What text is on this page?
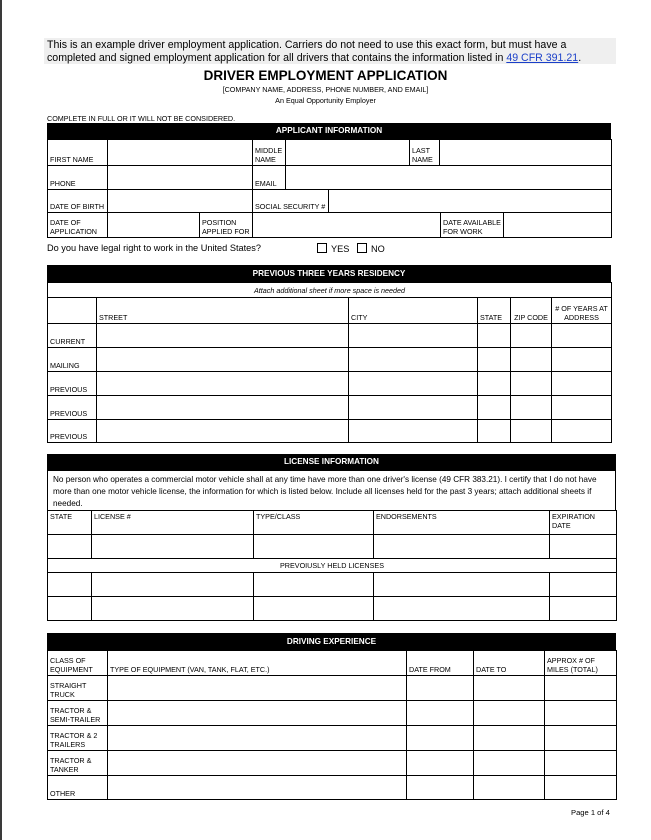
This is an example driver employment application. Carriers do not need to use this exact form, but must have a completed and signed employment application for all drivers that contains the information listed in 49 CFR 391.21.
DRIVER EMPLOYMENT APPLICATION
[COMPANY NAME, ADDRESS, PHONE NUMBER, AND EMAIL]
An Equal Opportunity Employer
COMPLETE IN FULL OR IT WILL NOT BE CONSIDERED.
APPLICANT INFORMATION
FIRST NAME		MIDDLE NAME		LAST NAME	
PHONE		EMAIL			
DATE OF BIRTH		SOCIAL SECURITY #	
DATE OF APPLICATION		POSITION APPLIED FOR		DATE AVAILABLE FOR WORK	
Do you have legal right to work in the United States?	YES	NO
PREVIOUS THREE YEARS RESIDENCY
Attach additional sheet if more space is needed					
	STREET	CITY	STATE	ZIP CODE	# OF YEARS AT ADDRESS
CURRENT					
MAILING					
PREVIOUS					
PREVIOUS					
PREVIOUS					
LICENSE INFORMATION
No person who operates a commercial motor vehicle shall at any time have more than one driver's license (49 CFR 383.21). I certify that I do not have more than one motor vehicle license, the information for which is listed below. Include all licenses held for the past 3 years; attach additional sheets if needed.
STATE	LICENSE #	TYPE/CLASS	ENDORSEMENTS	EXPIRATION DATE

PREVOIUSLY HELD LICENSES				

DRIVING EXPERIENCE
CLASS OF EQUIPMENT	TYPE OF EQUIPMENT (VAN, TANK, FLAT, ETC.)	DATE FROM	DATE TO	APPROX # OF MILES (TOTAL)
STRAIGHT TRUCK				
TRACTOR & SEMI-TRAILER				
TRACTOR & 2 TRAILERS				
TRACTOR & TANKER				
OTHER				
Page 1 of 4
